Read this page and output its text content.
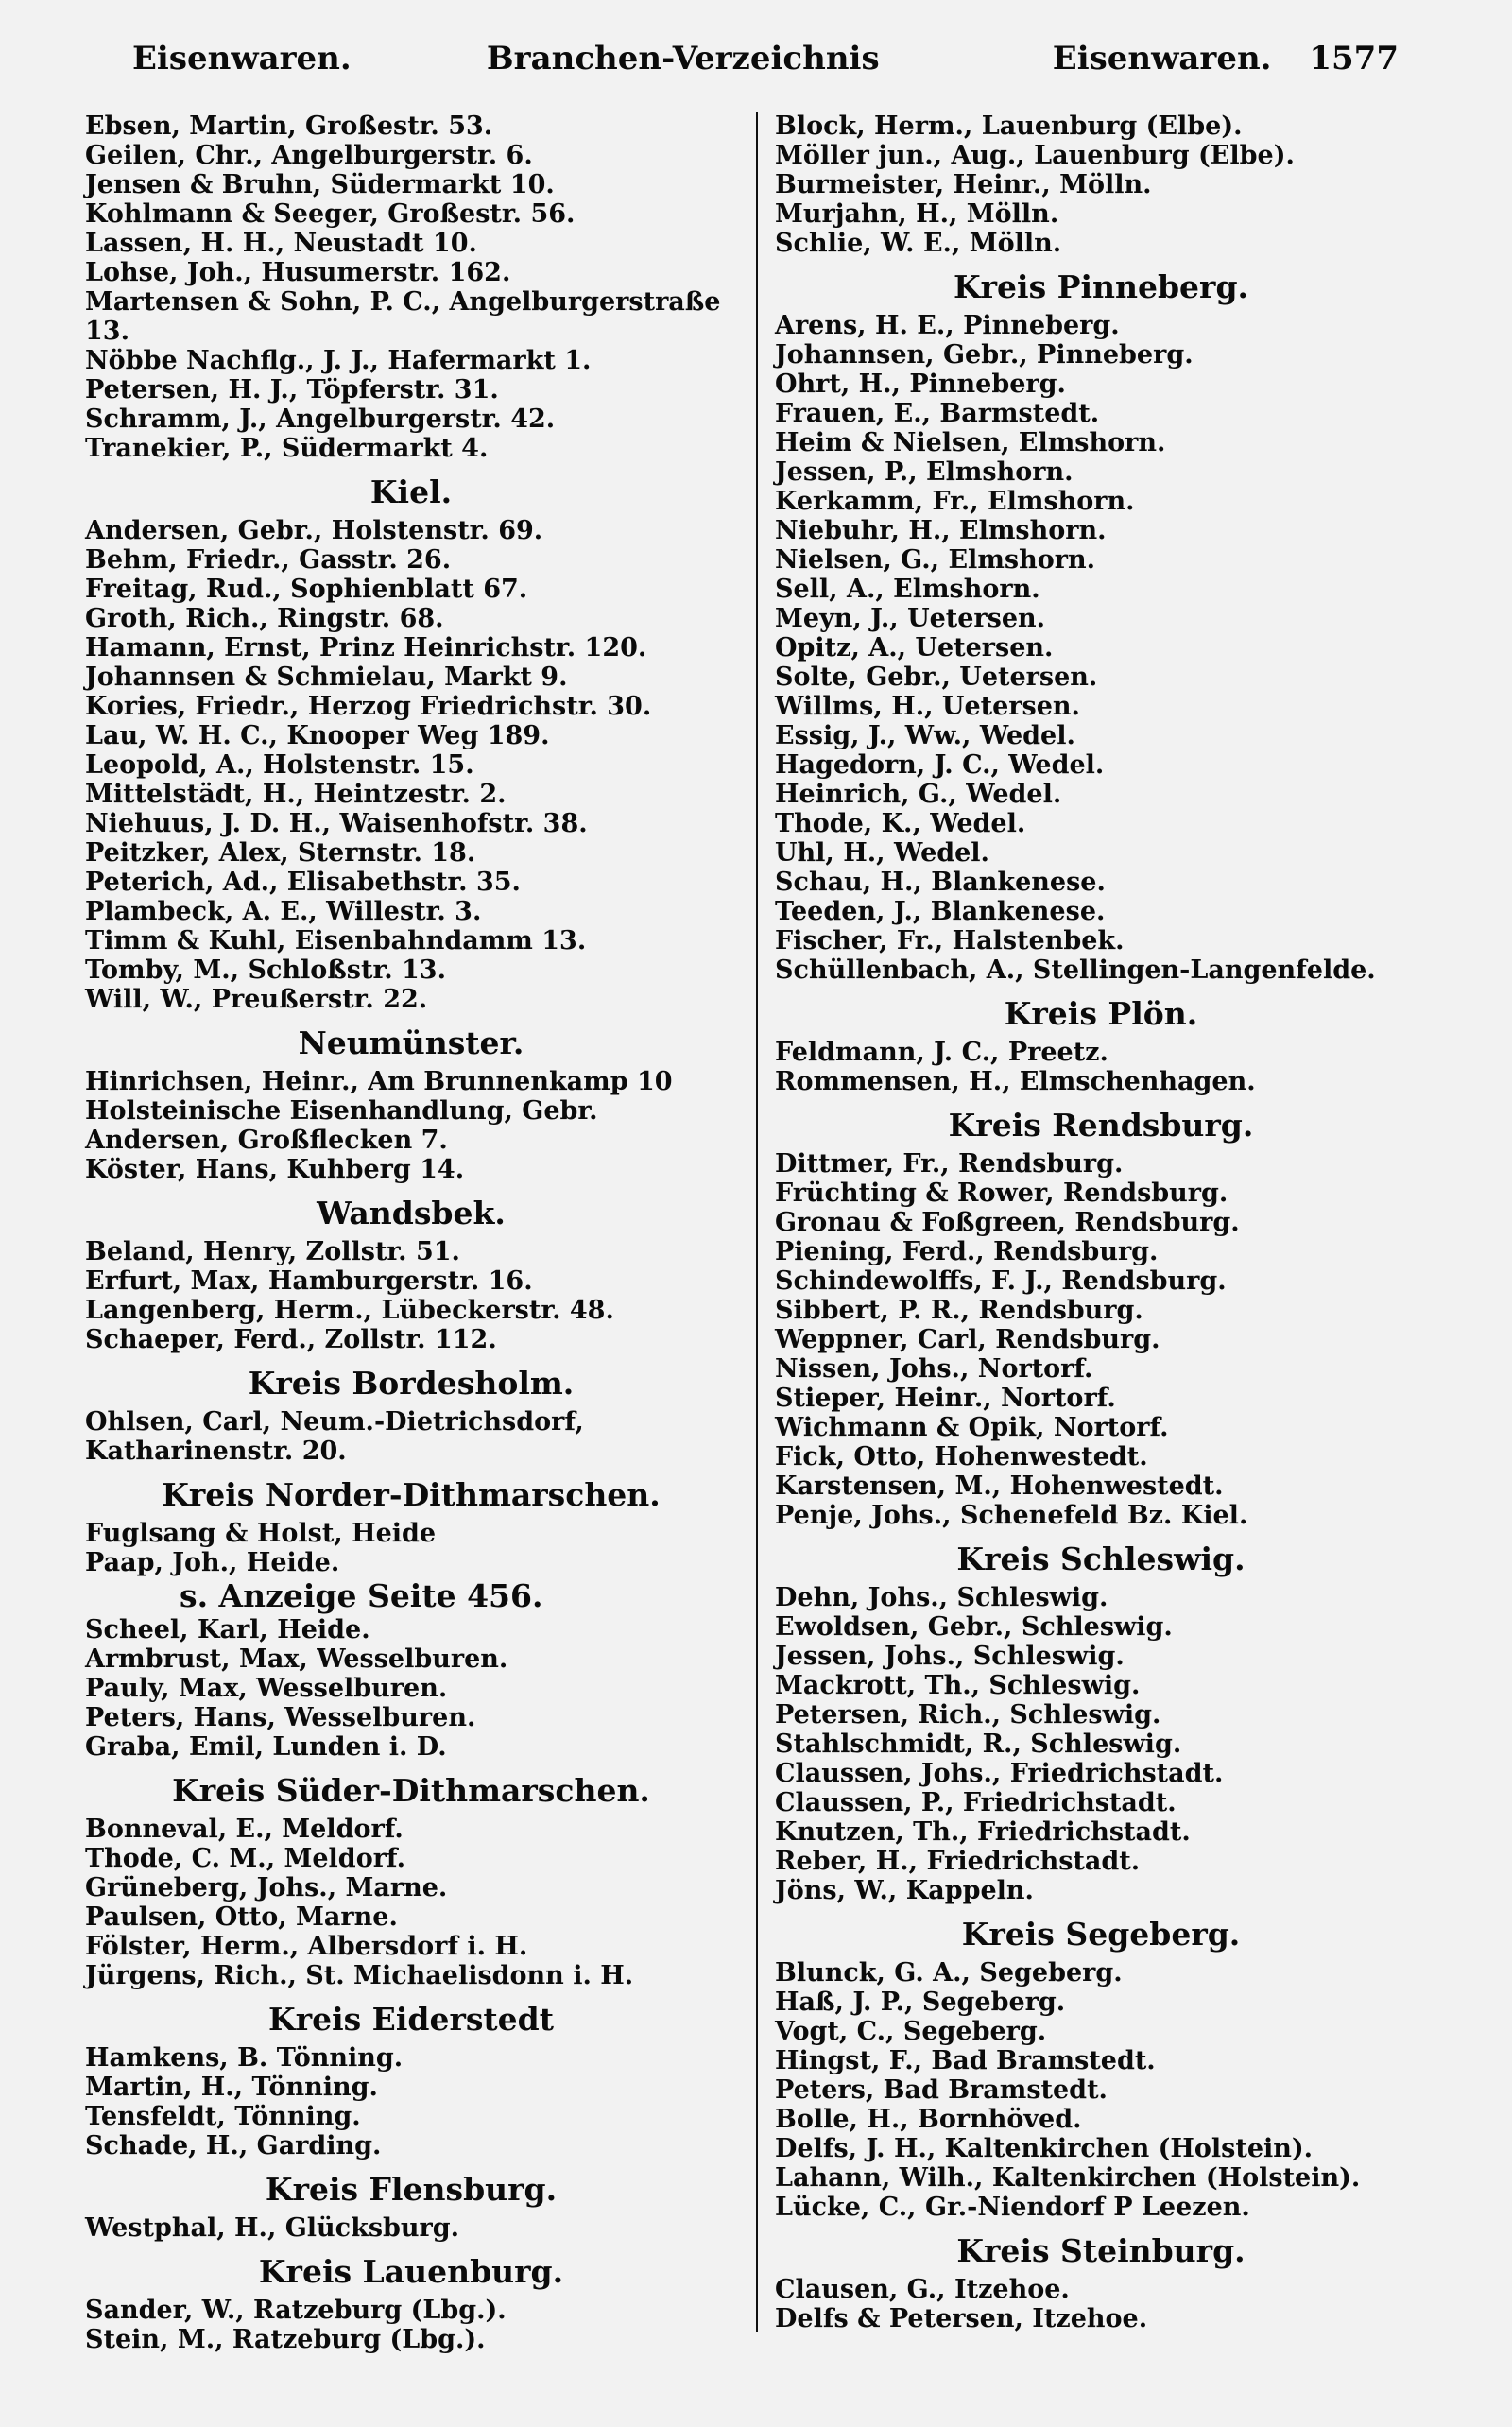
Eisenwaren.	Branchen-Verzeichnis	Eisenwaren. 1577
Ebsen, Martin, Großestr. 53.
Geilen, Chr., Angelburgerstr. 6.
Jensen & Bruhn, Südermarkt 10.
Kohlmann & Seeger, Großestr. 56.
Lassen, H. H., Neustadt 10.
Lohse, Joh., Husumerstr. 162.
Martensen & Sohn, P. C., Angelburgerstraße 13.
Nöbbe Nachflg., J. J., Hafermarkt 1.
Petersen, H. J., Töpferstr. 31.
Schramm, J., Angelburgerstr. 42.
Tranekier, P., Südermarkt 4.
Kiel.
Andersen, Gebr., Holstenstr. 69.
Behm, Friedr., Gasstr. 26.
Freitag, Rud., Sophienblatt 67.
Groth, Rich., Ringstr. 68.
Hamann, Ernst, Prinz Heinrichstr. 120.
Johannsen & Schmielau, Markt 9.
Kories, Friedr., Herzog Friedrichstr. 30.
Lau, W. H. C., Knooper Weg 189.
Leopold, A., Holstenstr. 15.
Mittelstädt, H., Heintzestr. 2.
Niehuus, J. D. H., Waisenhofstr. 38.
Peitzker, Alex, Sternstr. 18.
Peterich, Ad., Elisabethstr. 35.
Plambeck, A. E., Willestr. 3.
Timm & Kuhl, Eisenbahndamm 13.
Tomby, M., Schloßstr. 13.
Will, W., Preußerstr. 22.
Neumünster.
Hinrichsen, Heinr., Am Brunnenkamp 10
Holsteinische Eisenhandlung, Gebr. Andersen, Großflecken 7.
Köster, Hans, Kuhberg 14.
Wandsbek.
Beland, Henry, Zollstr. 51.
Erfurt, Max, Hamburgerstr. 16.
Langenberg, Herm., Lübeckerstr. 48.
Schaeper, Ferd., Zollstr. 112.
Kreis Bordesholm.
Ohlsen, Carl, Neum.-Dietrichsdorf, Katharinenstr. 20.
Kreis Norder-Dithmarschen.
Fuglsang & Holst, Heide
Paap, Joh., Heide.
s. Anzeige Seite 456.
Scheel, Karl, Heide.
Armbrust, Max, Wesselburen.
Pauly, Max, Wesselburen.
Peters, Hans, Wesselburen.
Graba, Emil, Lunden i. D.
Kreis Süder-Dithmarschen.
Bonneval, E., Meldorf.
Thode, C. M., Meldorf.
Grüneberg, Johs., Marne.
Paulsen, Otto, Marne.
Fölster, Herm., Albersdorf i. H.
Jürgens, Rich., St. Michaelisdonn i. H.
Kreis Eiderstedt
Hamkens, B. Tönning.
Martin, H., Tönning.
Tensfeldt, Tönning.
Schade, H., Garding.
Kreis Flensburg.
Westphal, H., Glücksburg.
Kreis Lauenburg.
Sander, W., Ratzeburg (Lbg.).
Stein, M., Ratzeburg (Lbg.).
Block, Herm., Lauenburg (Elbe).
Möller jun., Aug., Lauenburg (Elbe).
Burmeister, Heinr., Mölln.
Murjahn, H., Mölln.
Schlie, W. E., Mölln.
Kreis Pinneberg.
Arens, H. E., Pinneberg.
Johannsen, Gebr., Pinneberg.
Ohrt, H., Pinneberg.
Frauen, E., Barmstedt.
Heim & Nielsen, Elmshorn.
Jessen, P., Elmshorn.
Kerkamm, Fr., Elmshorn.
Niebuhr, H., Elmshorn.
Nielsen, G., Elmshorn.
Sell, A., Elmshorn.
Meyn, J., Uetersen.
Opitz, A., Uetersen.
Solte, Gebr., Uetersen.
Willms, H., Uetersen.
Essig, J., Ww., Wedel.
Hagedorn, J. C., Wedel.
Heinrich, G., Wedel.
Thode, K., Wedel.
Uhl, H., Wedel.
Schau, H., Blankenese.
Teeden, J., Blankenese.
Fischer, Fr., Halstenbek.
Schüllenbach, A., Stellingen-Langenfelde.
Kreis Plön.
Feldmann, J. C., Preetz.
Rommensen, H., Elmschenhagen.
Kreis Rendsburg.
Dittmer, Fr., Rendsburg.
Früchting & Rower, Rendsburg.
Gronau & Foßgreen, Rendsburg.
Piening, Ferd., Rendsburg.
Schindewolffs, F. J., Rendsburg.
Sibbert, P. R., Rendsburg.
Weppner, Carl, Rendsburg.
Nissen, Johs., Nortorf.
Stieper, Heinr., Nortorf.
Wichmann & Opik, Nortorf.
Fick, Otto, Hohenwestedt.
Karstensen, M., Hohenwestedt.
Penje, Johs., Schenefeld Bz. Kiel.
Kreis Schleswig.
Dehn, Johs., Schleswig.
Ewoldsen, Gebr., Schleswig.
Jessen, Johs., Schleswig.
Mackrott, Th., Schleswig.
Petersen, Rich., Schleswig.
Stahlschmidt, R., Schleswig.
Claussen, Johs., Friedrichstadt.
Claussen, P., Friedrichstadt.
Knutzen, Th., Friedrichstadt.
Reber, H., Friedrichstadt.
Jöns, W., Kappeln.
Kreis Segeberg.
Blunck, G. A., Segeberg.
Haß, J. P., Segeberg.
Vogt, C., Segeberg.
Hingst, F., Bad Bramstedt.
Peters, Bad Bramstedt.
Bolle, H., Bornhöved.
Delfs, J. H., Kaltenkirchen (Holstein).
Lahann, Wilh., Kaltenkirchen (Holstein).
Lücke, C., Gr.-Niendorf P Leezen.
Kreis Steinburg.
Clausen, G., Itzehoe.
Delfs & Petersen, Itzehoe.
